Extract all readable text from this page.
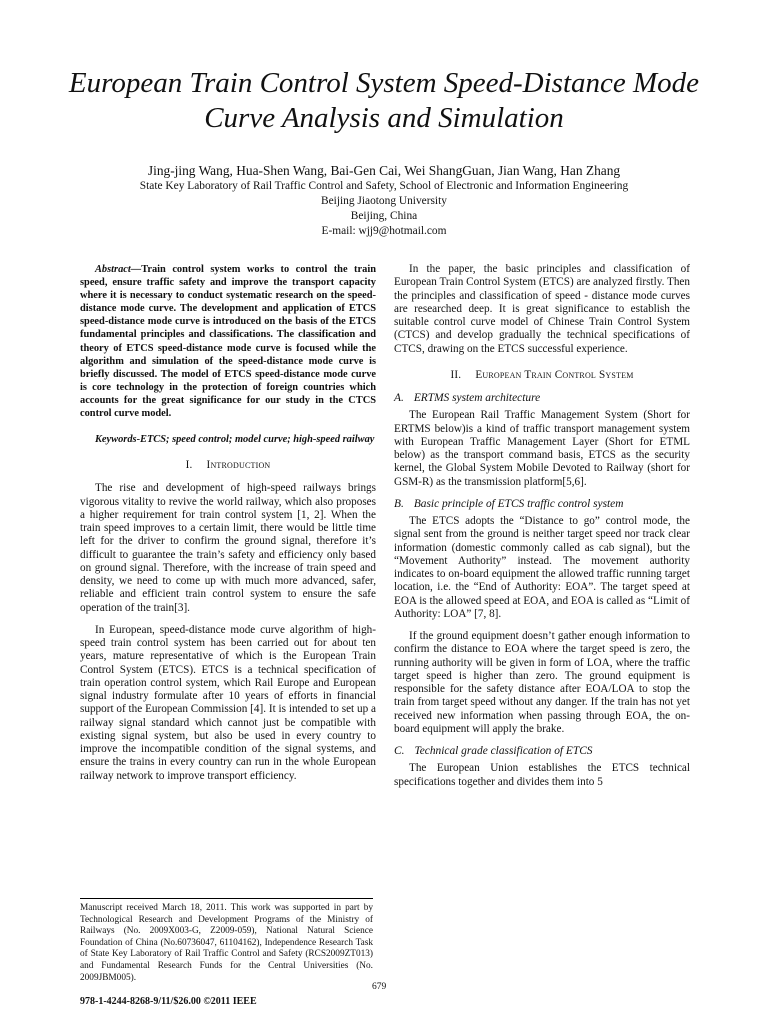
European Train Control System Speed-Distance Mode Curve Analysis and Simulation
Jing-jing Wang, Hua-Shen Wang, Bai-Gen Cai, Wei ShangGuan, Jian Wang, Han Zhang
State Key Laboratory of Rail Traffic Control and Safety, School of Electronic and Information Engineering
Beijing Jiaotong University
Beijing, China
E-mail: wjj9@hotmail.com

Abstract—Train control system works to control the train speed, ensure traffic safety and improve the transport capacity where it is necessary to conduct systematic research on the speed-distance mode curve. The development and application of ETCS speed-distance mode curve is introduced on the basis of the ETCS fundamental principles and classifications. The classification and theory of ETCS speed-distance mode curve is focused while the algorithm and simulation of the speed-distance mode curve is briefly discussed. The model of ETCS speed-distance mode curve is core technology in the protection of foreign countries which accounts for the great significance for our study in the CTCS control curve model.

Keywords-ETCS; speed control; model curve; high-speed railway

I. Introduction

The rise and development of high-speed railways brings vigorous vitality to revive the world railway, which also proposes a higher requirement for train control system [1, 2]. When the train speed improves to a certain limit, there would be little time left for the driver to confirm the ground signal, therefore it’s difficult to guarantee the train’s safety and efficiency only based on ground signal. Therefore, with the increase of train speed and density, we need to come up with much more advanced, safer, reliable and efficient train control system to ensure the safe operation of the train[3].

In European, speed-distance mode curve algorithm of high-speed train control system has been carried out for about ten years, mature representative of which is the European Train Control System (ETCS). ETCS is a technical specification of train operation control system, which Rail Europe and European signal industry formulate after 10 years of efforts in financial support of the European Commission [4]. It is intended to set up a railway signal standard which cannot just be compatible with existing signal system, but also be used in every country to improve the incompatible condition of the signal systems, and ensure the trains in every country can run in the whole European railway network to improve transport efficiency.

In the paper, the basic principles and classification of European Train Control System (ETCS) are analyzed firstly. Then the principles and classification of speed - distance mode curves are researched deep. It is great significance to establish the suitable control curve model of Chinese Train Control System (CTCS) and develop gradually the technical specifications of CTCS, drawing on the ETCS successful experience.

II. European Train Control System
A. ERTMS system architecture

The European Rail Traffic Management System (Short for ERTMS below)is a kind of traffic transport management system with European Traffic Management Layer (Short for ETML below) as the transport command basis, ETCS as the security kernel, the Global System Mobile Devoted to Railway (short for GSM-R) as the transmission platform[5,6].

B. Basic principle of ETCS traffic control system

The ETCS adopts the “Distance to go” control mode, the signal sent from the ground is neither target speed nor track clear information (domestic commonly called as cab signal), but the “Movement Authority” instead. The movement authority indicates to on-board equipment the allowed traffic running target location, i.e. the “End of Authority: EOA”. The target speed at EOA is the allowed speed at EOA, and EOA is called as “Limit of Authority: LOA” [7, 8].

If the ground equipment doesn’t gather enough information to confirm the distance to EOA where the target speed is zero, the running authority will be given in form of LOA, where the traffic target speed is higher than zero. The ground equipment is responsible for the safety distance after EOA/LOA to stop the train from target speed without any danger. If the train has not yet received new information when passing through EOA, the on-board equipment will apply the brake.

C. Technical grade classification of ETCS

The European Union establishes the ETCS technical specifications together and divides them into 5

Manuscript received March 18, 2011. This work was supported in part by Technological Research and Development Programs of the Ministry of Railways (No. 2009X003-G, Z2009-059), National Natural Science Foundation of China (No.60736047, 61104162), Independence Research Task of State Key Laboratory of Rail Traffic Control and Safety (RCS2009ZT013) and Fundamental Research Funds for the Central Universities (No. 2009JBM005).

679
978-1-4244-8268-9/11/$26.00 ©2011 IEEE
